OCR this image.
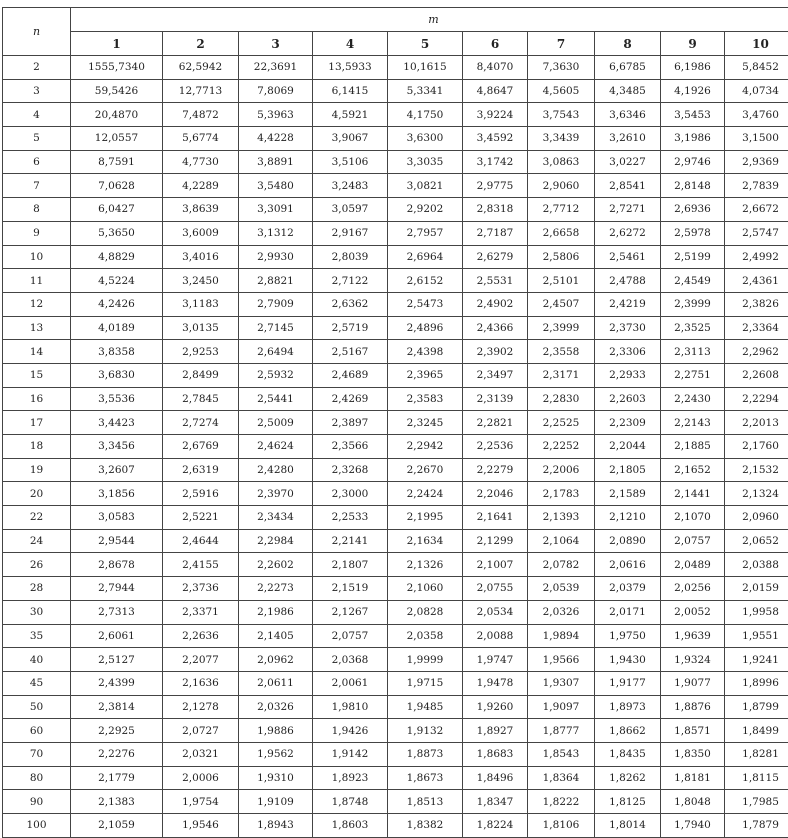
n	m									
	1	2	3	4	5	6	7	8	9	10
2	1555,7340	62,5942	22,3691	13,5933	10,1615	8,4070	7,3630	6,6785	6,1986	5,8452
3	59,5426	12,7713	7,8069	6,1415	5,3341	4,8647	4,5605	4,3485	4,1926	4,0734
4	20,4870	7,4872	5,3963	4,5921	4,1750	3,9224	3,7543	3,6346	3,5453	3,4760
5	12,0557	5,6774	4,4228	3,9067	3,6300	3,4592	3,3439	3,2610	3,1986	3,1500
6	8,7591	4,7730	3,8891	3,5106	3,3035	3,1742	3,0863	3,0227	2,9746	2,9369
7	7,0628	4,2289	3,5480	3,2483	3,0821	2,9775	2,9060	2,8541	2,8148	2,7839
8	6,0427	3,8639	3,3091	3,0597	2,9202	2,8318	2,7712	2,7271	2,6936	2,6672
9	5,3650	3,6009	3,1312	2,9167	2,7957	2,7187	2,6658	2,6272	2,5978	2,5747
10	4,8829	3,4016	2,9930	2,8039	2,6964	2,6279	2,5806	2,5461	2,5199	2,4992
11	4,5224	3,2450	2,8821	2,7122	2,6152	2,5531	2,5101	2,4788	2,4549	2,4361
12	4,2426	3,1183	2,7909	2,6362	2,5473	2,4902	2,4507	2,4219	2,3999	2,3826
13	4,0189	3,0135	2,7145	2,5719	2,4896	2,4366	2,3999	2,3730	2,3525	2,3364
14	3,8358	2,9253	2,6494	2,5167	2,4398	2,3902	2,3558	2,3306	2,3113	2,2962
15	3,6830	2,8499	2,5932	2,4689	2,3965	2,3497	2,3171	2,2933	2,2751	2,2608
16	3,5536	2,7845	2,5441	2,4269	2,3583	2,3139	2,2830	2,2603	2,2430	2,2294
17	3,4423	2,7274	2,5009	2,3897	2,3245	2,2821	2,2525	2,2309	2,2143	2,2013
18	3,3456	2,6769	2,4624	2,3566	2,2942	2,2536	2,2252	2,2044	2,1885	2,1760
19	3,2607	2,6319	2,4280	2,3268	2,2670	2,2279	2,2006	2,1805	2,1652	2,1532
20	3,1856	2,5916	2,3970	2,3000	2,2424	2,2046	2,1783	2,1589	2,1441	2,1324
22	3,0583	2,5221	2,3434	2,2533	2,1995	2,1641	2,1393	2,1210	2,1070	2,0960
24	2,9544	2,4644	2,2984	2,2141	2,1634	2,1299	2,1064	2,0890	2,0757	2,0652
26	2,8678	2,4155	2,2602	2,1807	2,1326	2,1007	2,0782	2,0616	2,0489	2,0388
28	2,7944	2,3736	2,2273	2,1519	2,1060	2,0755	2,0539	2,0379	2,0256	2,0159
30	2,7313	2,3371	2,1986	2,1267	2,0828	2,0534	2,0326	2,0171	2,0052	1,9958
35	2,6061	2,2636	2,1405	2,0757	2,0358	2,0088	1,9894	1,9750	1,9639	1,9551
40	2,5127	2,2077	2,0962	2,0368	1,9999	1,9747	1,9566	1,9430	1,9324	1,9241
45	2,4399	2,1636	2,0611	2,0061	1,9715	1,9478	1,9307	1,9177	1,9077	1,8996
50	2,3814	2,1278	2,0326	1,9810	1,9485	1,9260	1,9097	1,8973	1,8876	1,8799
60	2,2925	2,0727	1,9886	1,9426	1,9132	1,8927	1,8777	1,8662	1,8571	1,8499
70	2,2276	2,0321	1,9562	1,9142	1,8873	1,8683	1,8543	1,8435	1,8350	1,8281
80	2,1779	2,0006	1,9310	1,8923	1,8673	1,8496	1,8364	1,8262	1,8181	1,8115
90	2,1383	1,9754	1,9109	1,8748	1,8513	1,8347	1,8222	1,8125	1,8048	1,7985
100	2,1059	1,9546	1,8943	1,8603	1,8382	1,8224	1,8106	1,8014	1,7940	1,7879
